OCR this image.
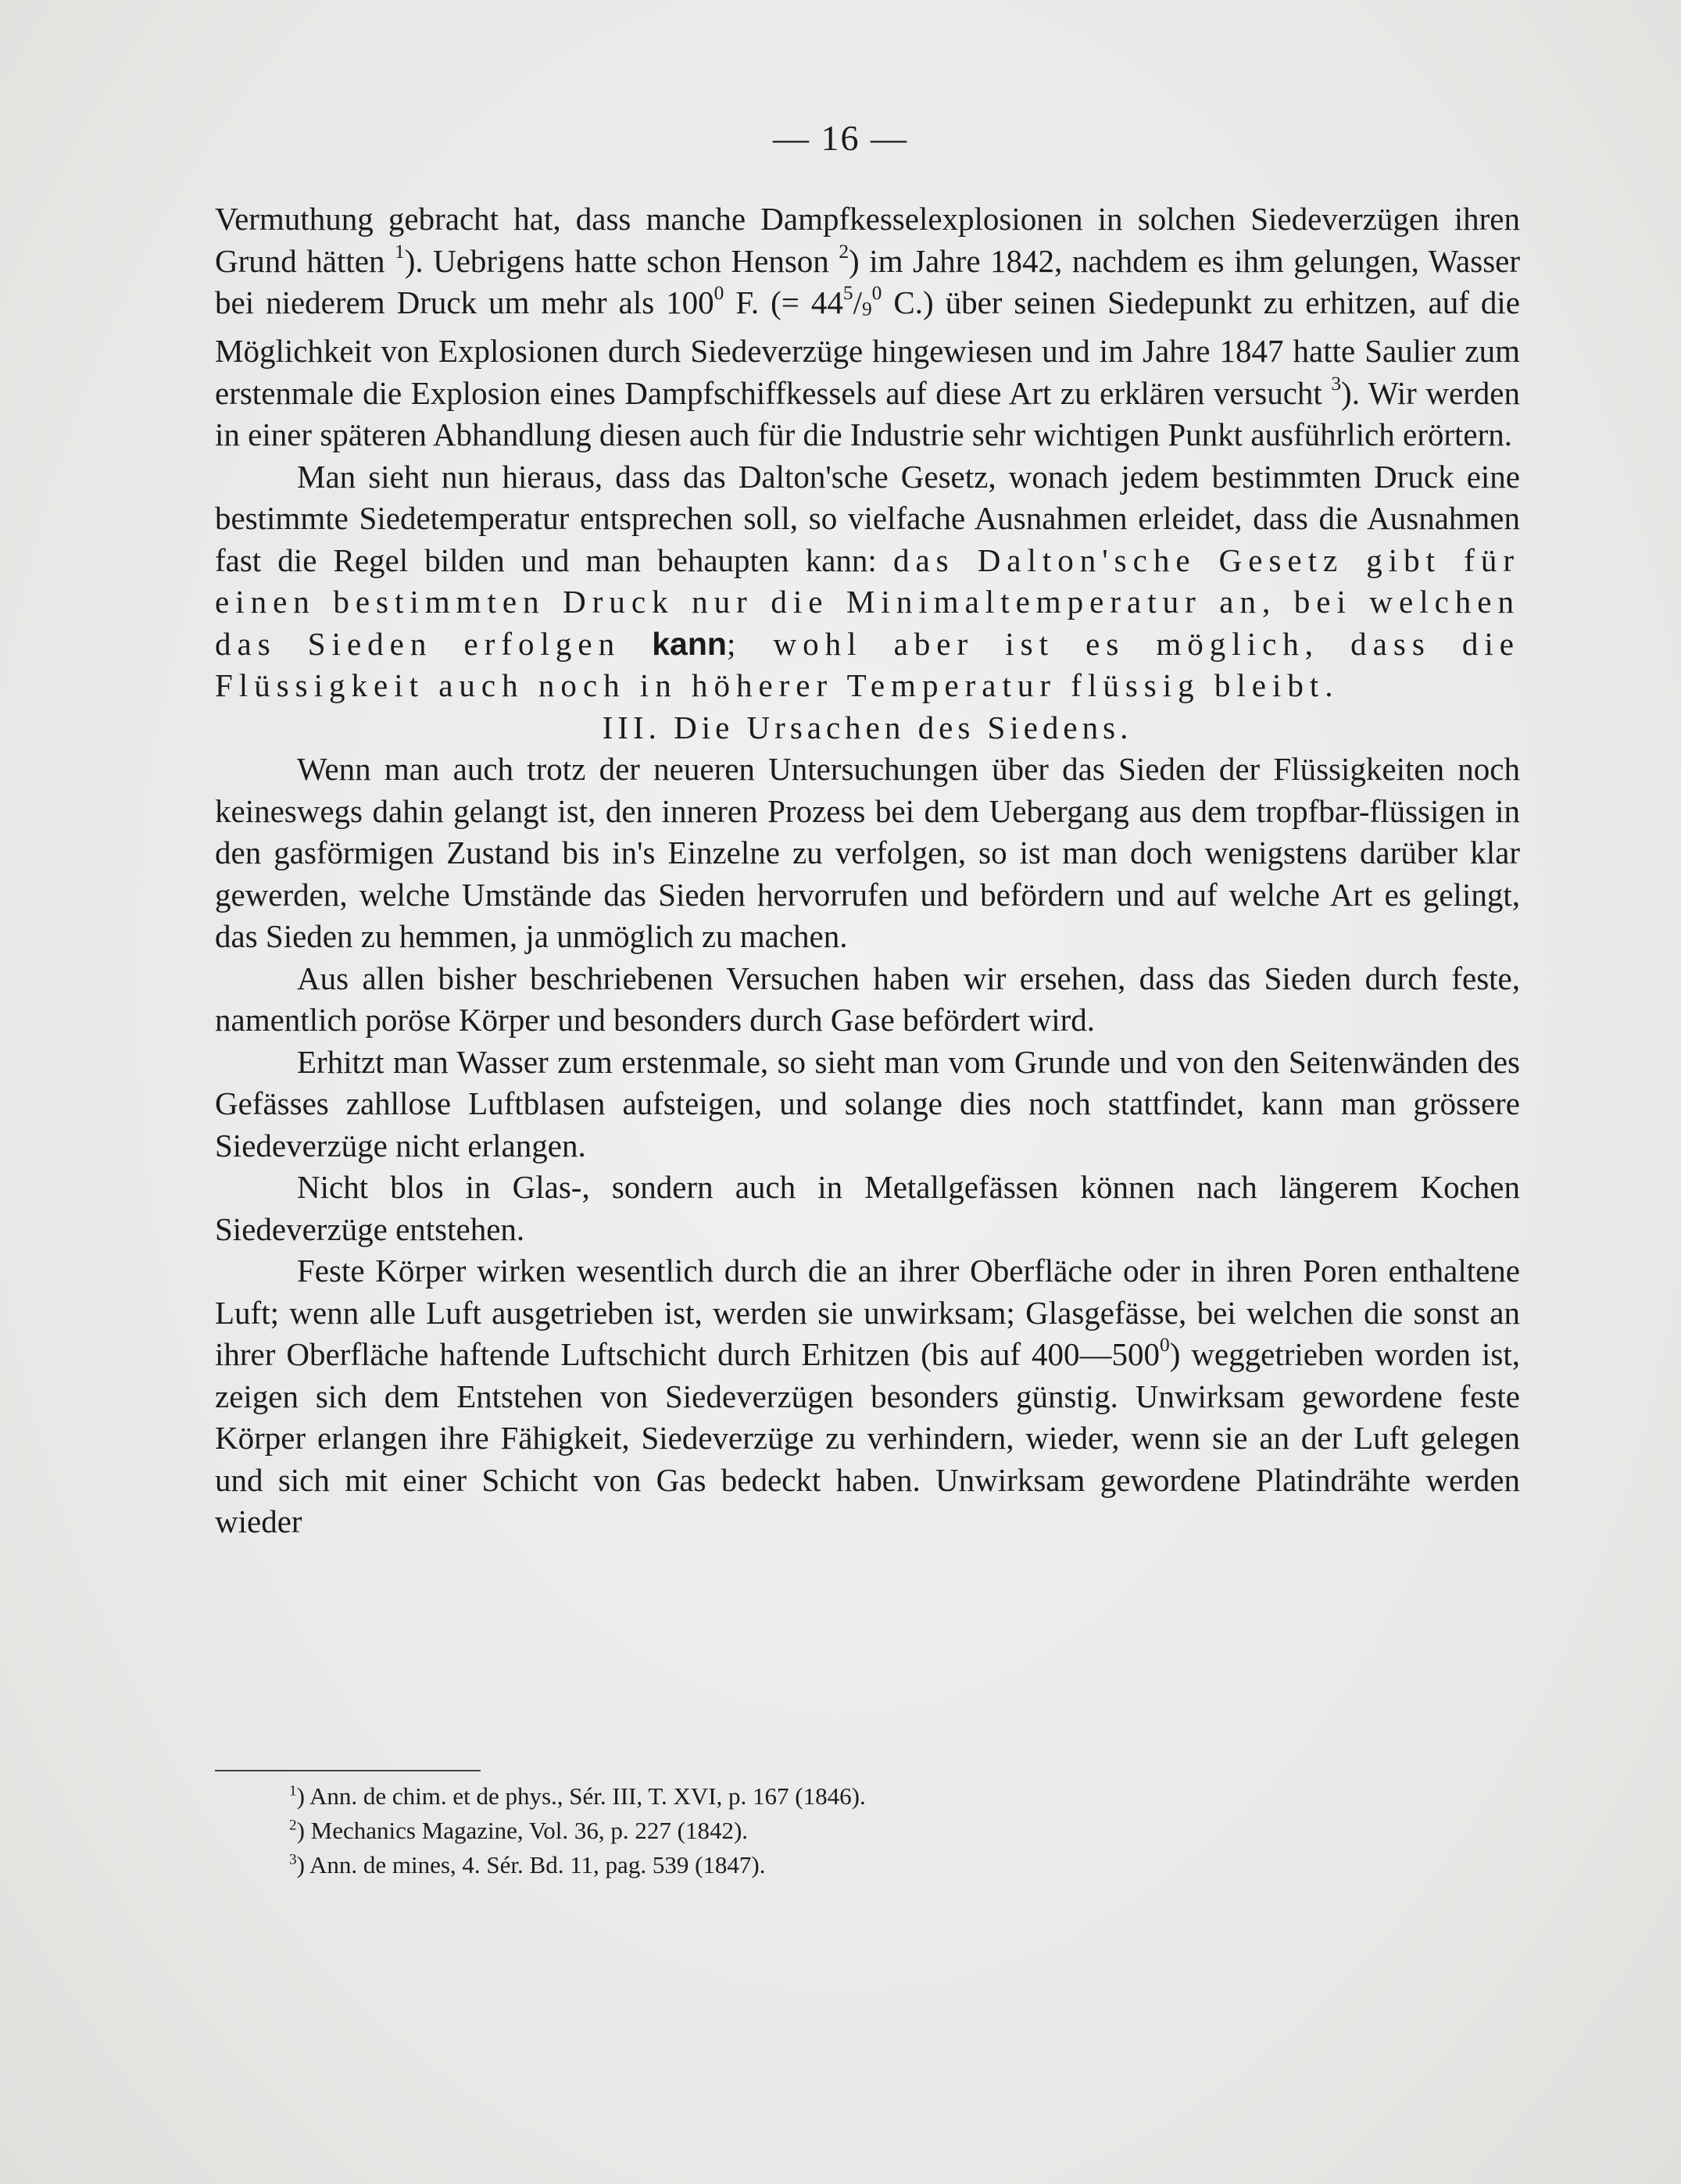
— 16 —

Vermuthung gebracht hat, dass manche Dampfkesselexplosionen in solchen Siedeverzügen ihren Grund hätten $^1$). Uebrigens hatte schon Henson $^2$) im Jahre 1842, nachdem es ihm gelungen, Wasser bei niederem Druck um mehr als $100^0$ F. (= $44^5/_9^0$ C.) über seinen Siedepunkt zu erhitzen, auf die Möglichkeit von Explosionen durch Siedeverzüge hingewiesen und im Jahre 1847 hatte Saulier zum erstenmale die Explosion eines Dampfschiffkessels auf diese Art zu erklären versucht $^3$). Wir werden in einer späteren Abhandlung diesen auch für die Industrie sehr wichtigen Punkt ausführlich erörtern.

Man sieht nun hieraus, dass das Dalton'sche Gesetz, wonach jedem bestimmten Druck eine bestimmte Siedetemperatur entsprechen soll, so vielfache Ausnahmen erleidet, dass die Ausnahmen fast die Regel bilden und man behaupten kann: das Dalton'sche Gesetz gibt für einen bestimmten Druck nur die Minimaltemperatur an, bei welchen das Sieden erfolgen kann; wohl aber ist es möglich, dass die Flüssigkeit auch noch in höherer Temperatur flüssig bleibt.

III. Die Ursachen des Siedens.

Wenn man auch trotz der neueren Untersuchungen über das Sieden der Flüssigkeiten noch keineswegs dahin gelangt ist, den inneren Prozess bei dem Uebergang aus dem tropfbar-flüssigen in den gasförmigen Zustand bis in's Einzelne zu verfolgen, so ist man doch wenigstens darüber klar gewerden, welche Umstände das Sieden hervorrufen und befördern und auf welche Art es gelingt, das Sieden zu hemmen, ja unmöglich zu machen.

Aus allen bisher beschriebenen Versuchen haben wir ersehen, dass das Sieden durch feste, namentlich poröse Körper und besonders durch Gase befördert wird.

Erhitzt man Wasser zum erstenmale, so sieht man vom Grunde und von den Seitenwänden des Gefässes zahllose Luftblasen aufsteigen, und solange dies noch stattfindet, kann man grössere Siedeverzüge nicht erlangen.

Nicht blos in Glas-, sondern auch in Metallgefässen können nach längerem Kochen Siedeverzüge entstehen.

Feste Körper wirken wesentlich durch die an ihrer Oberfläche oder in ihren Poren enthaltene Luft; wenn alle Luft ausgetrieben ist, werden sie unwirksam; Glasgefässe, bei welchen die sonst an ihrer Oberfläche haftende Luftschicht durch Erhitzen (bis auf $400—500^0$) weggetrieben worden ist, zeigen sich dem Entstehen von Siedeverzügen besonders günstig. Unwirksam gewordene feste Körper erlangen ihre Fähigkeit, Siedeverzüge zu verhindern, wieder, wenn sie an der Luft gelegen und sich mit einer Schicht von Gas bedeckt haben. Unwirksam gewordene Platindrähte werden wieder

$^1$) Ann. de chim. et de phys., Sér. III, T. XVI, p. 167 (1846).
$^2$) Mechanics Magazine, Vol. 36, p. 227 (1842).
$^3$) Ann. de mines, 4. Sér. Bd. 11, pag. 539 (1847).
